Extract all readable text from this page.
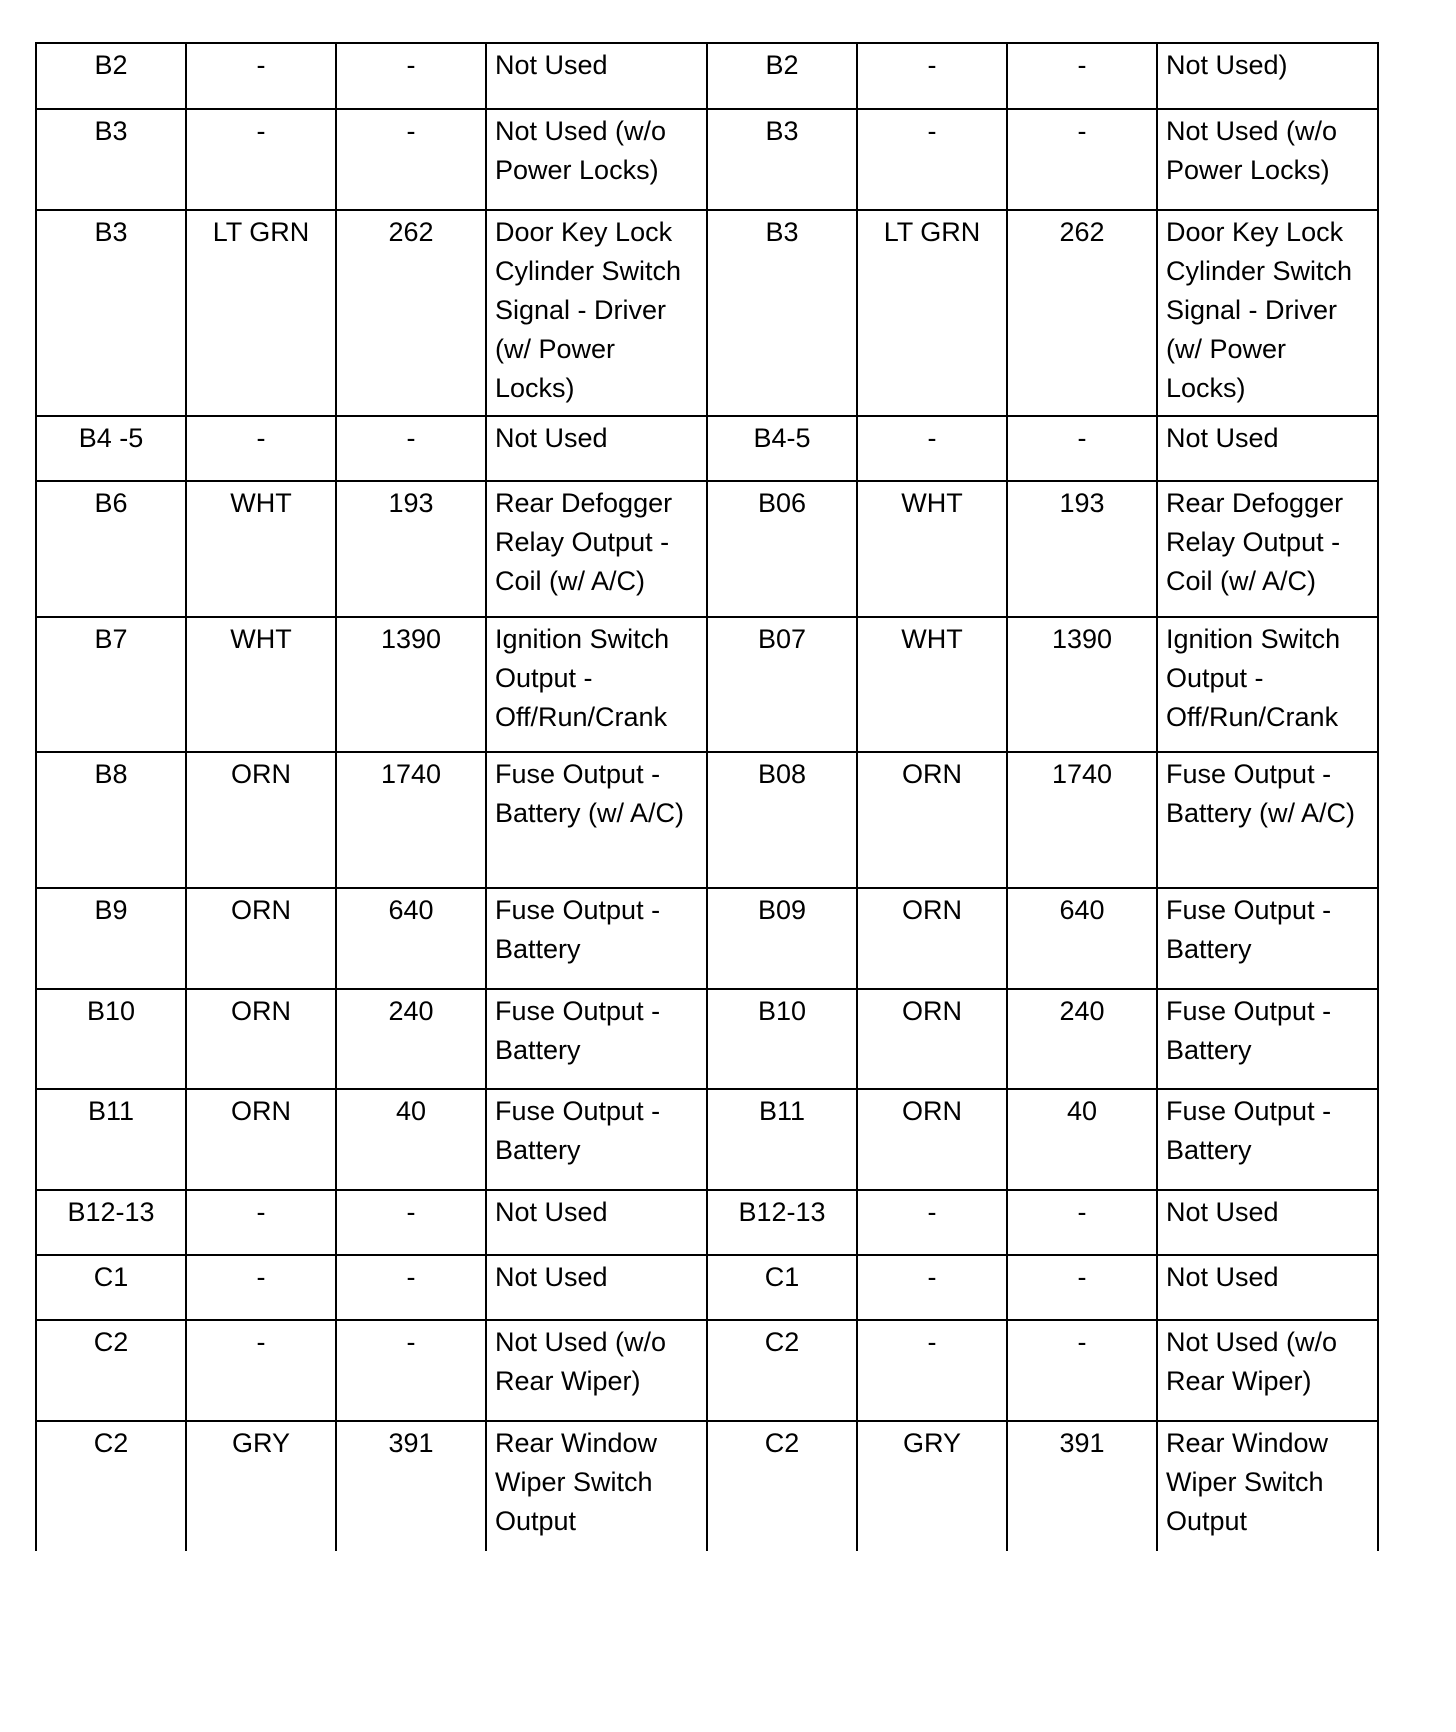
B2	-	-	Not Used	B2	-	-	Not Used)
B3	-	-	Not Used (w/o Power Locks)	B3	-	-	Not Used (w/o Power Locks)
B3	LT GRN	262	Door Key Lock Cylinder Switch Signal - Driver (w/ Power Locks)	B3	LT GRN	262	Door Key Lock Cylinder Switch Signal - Driver (w/ Power Locks)
B4 -5	-	-	Not Used	B4-5	-	-	Not Used
B6	WHT	193	Rear Defogger Relay Output - Coil (w/ A/C)	B06	WHT	193	Rear Defogger Relay Output - Coil (w/ A/C)
B7	WHT	1390	Ignition Switch Output - Off/Run/Crank	B07	WHT	1390	Ignition Switch Output - Off/Run/Crank
B8	ORN	1740	Fuse Output - Battery (w/ A/C)	B08	ORN	1740	Fuse Output - Battery (w/ A/C)
B9	ORN	640	Fuse Output - Battery	B09	ORN	640	Fuse Output - Battery
B10	ORN	240	Fuse Output - Battery	B10	ORN	240	Fuse Output - Battery
B11	ORN	40	Fuse Output - Battery	B11	ORN	40	Fuse Output - Battery
B12-13	-	-	Not Used	B12-13	-	-	Not Used
C1	-	-	Not Used	C1	-	-	Not Used
C2	-	-	Not Used (w/o Rear Wiper)	C2	-	-	Not Used (w/o Rear Wiper)
C2	GRY	391	Rear Window Wiper Switch Output	C2	GRY	391	Rear Window Wiper Switch Output
